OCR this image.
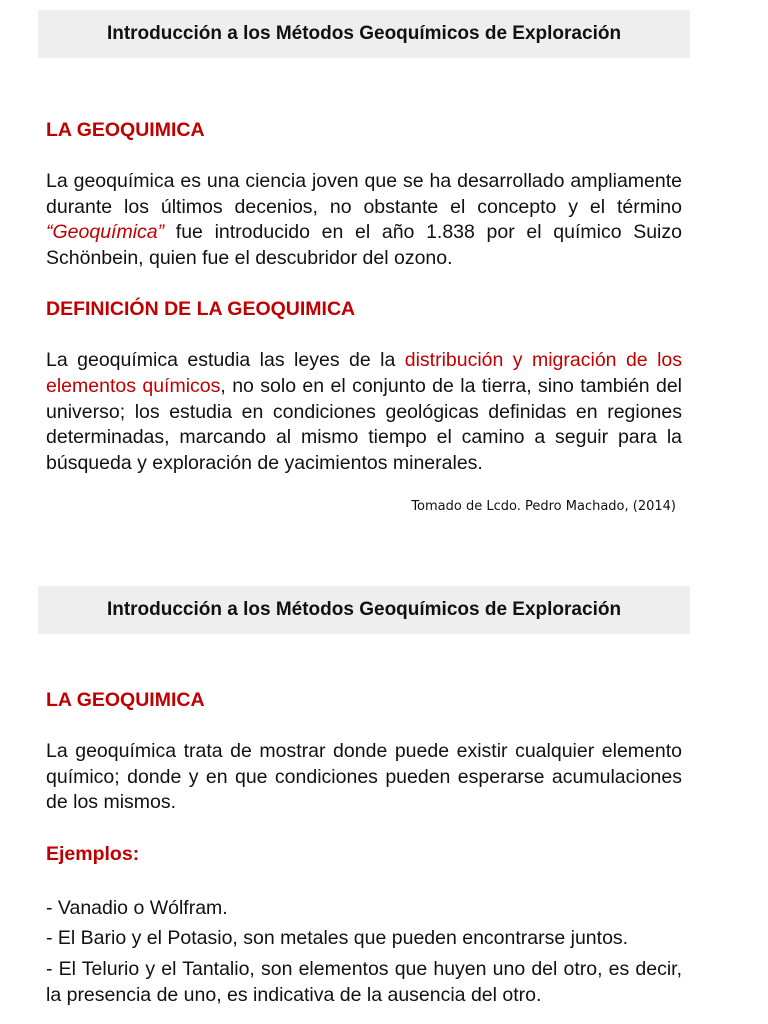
Introducción a los Métodos Geoquímicos de Exploración

LA GEOQUIMICA

La geoquímica es una ciencia joven que se ha desarrollado ampliamente durante los últimos decenios, no obstante el concepto y el término “Geoquímica” fue introducido en el año 1.838 por el químico Suizo Schönbein, quien fue el descubridor del ozono.

DEFINICIÓN DE LA GEOQUIMICA

La geoquímica estudia las leyes de la distribución y migración de los elementos químicos, no solo en el conjunto de la tierra, sino también del universo; los estudia en condiciones geológicas definidas en regiones determinadas, marcando al mismo tiempo el camino a seguir para la búsqueda y exploración de yacimientos minerales.

Tomado de Lcdo. Pedro Machado, (2014)

Introducción a los Métodos Geoquímicos de Exploración

LA GEOQUIMICA

La geoquímica trata de mostrar donde puede existir cualquier elemento químico; donde y en que condiciones pueden esperarse acumulaciones de los mismos.

Ejemplos:

- Vanadio o Wólfram.

- El Bario y el Potasio, son metales que pueden encontrarse juntos.

- El Telurio y el Tantalio, son elementos que huyen uno del otro, es decir, la presencia de uno, es indicativa de la ausencia del otro.
